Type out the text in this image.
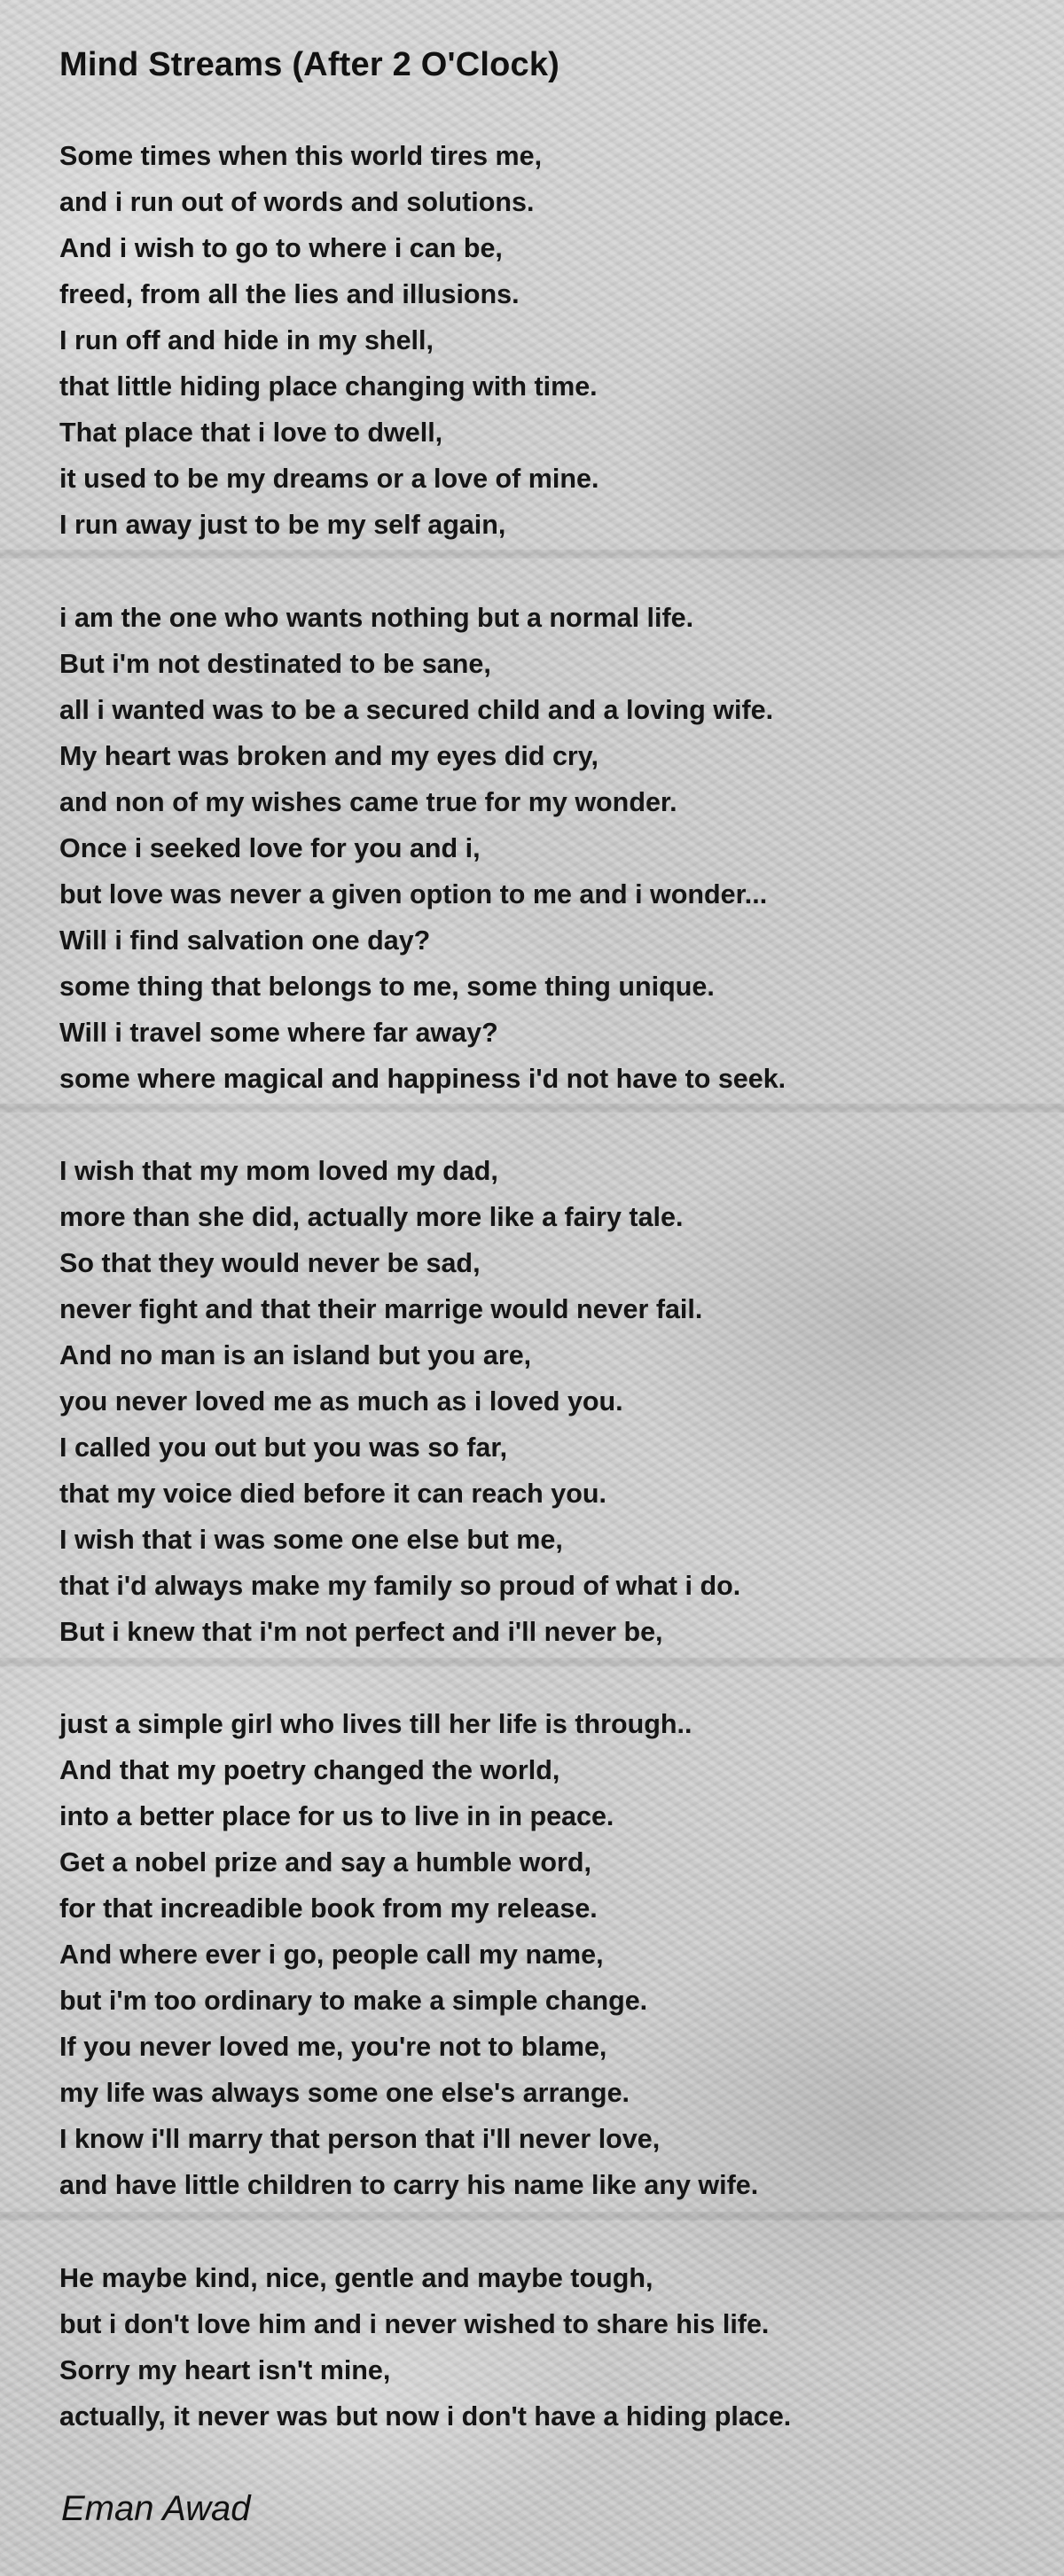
Mind Streams (After 2 O'Clock)
Some times when this world tires me,
and i run out of words and solutions.
And i wish to go to where i can be,
freed, from all the lies and illusions.
I run off and hide in my shell,
that little hiding place changing with time.
That place that i love to dwell,
it used to be my dreams or a love of mine.
I run away just to be my self again,
i am the one who wants nothing but a normal life.
But i'm not destinated to be sane,
all i wanted was to be a secured child and a loving wife.
My heart was broken and my eyes did cry,
and non of my wishes came true for my wonder.
Once i seeked love for you and i,
but love was never a given option to me and i wonder...
Will i find salvation one day?
some thing that belongs to me, some thing unique.
Will i travel some where far away?
some where magical and happiness i'd not have to seek.
I wish that my mom loved my dad,
more than she did, actually more like a fairy tale.
So that they would never be sad,
never fight and that their marrige would never fail.
And no man is an island but you are,
you never loved me as much as i loved you.
I called you out but you was so far,
that my voice died before it can reach you.
I wish that i was some one else but me,
that i'd always make my family so proud of what i do.
But i knew that i'm not perfect and i'll never be,
just a simple girl who lives till her life is through..
And that my poetry changed the world,
into a better place for us to live in in peace.
Get a nobel prize and say a humble word,
for that increadible book from my release.
And where ever i go, people call my name,
but i'm too ordinary to make a simple change.
If you never loved me, you're not to blame,
my life was always some one else's arrange.
I know i'll marry that person that i'll never love,
and have little children to carry his name like any wife.
He maybe kind, nice, gentle and maybe tough,
but i don't love him and i never wished to share his life.
Sorry my heart isn't mine,
actually, it never was but now i don't have a hiding place.

Eman Awad
